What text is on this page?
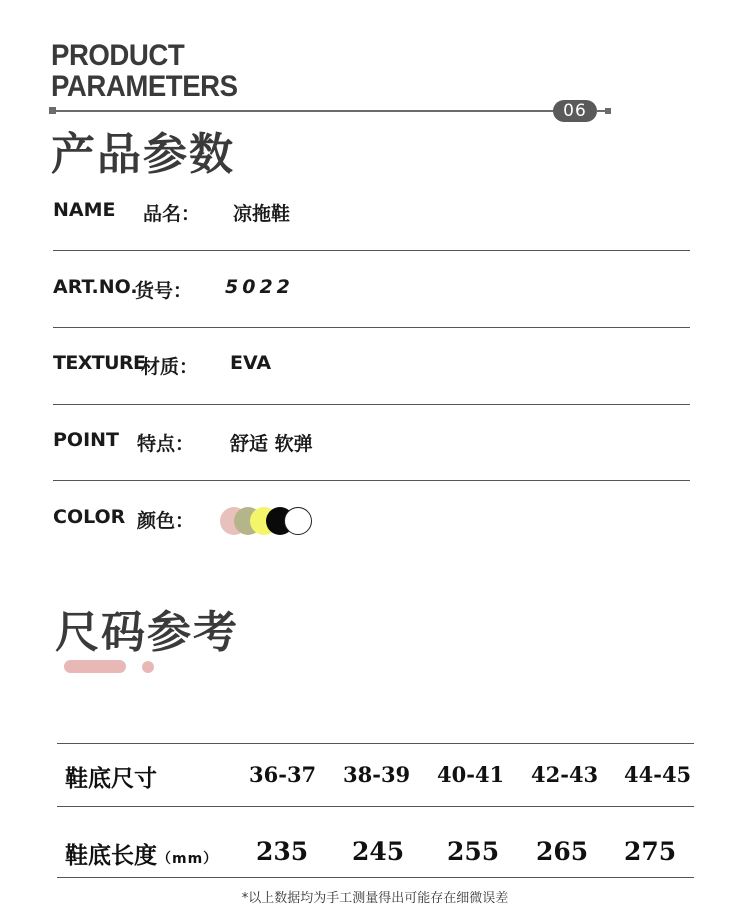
PRODUCT
PARAMETERS
06
产品参数
NAME 品名： 凉拖鞋
ART.NO.
货号： 5022
TEXTURE
材质： EVA
POINT 特点： 舒适 软弹
COLOR 颜色：
尺码参考
鞋底尺寸	36-37 38-39 40-41 42-43 44-45
鞋底长度（mm） 235 245 255 265 275
*以上数据均为手工测量得出可能存在细微误差
